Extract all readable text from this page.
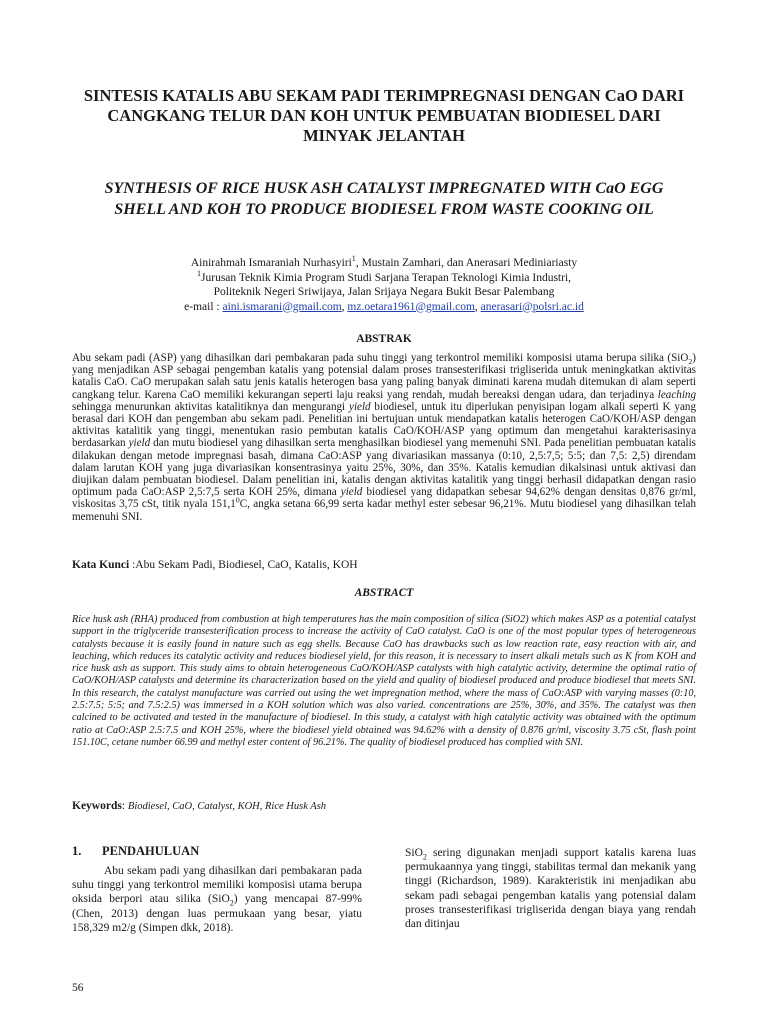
SINTESIS KATALIS ABU SEKAM PADI TERIMPREGNASI DENGAN CaO DARI CANGKANG TELUR DAN KOH UNTUK PEMBUATAN BIODIESEL DARI MINYAK JELANTAH
SYNTHESIS OF RICE HUSK ASH CATALYST IMPREGNATED WITH CaO EGG SHELL AND KOH TO PRODUCE BIODIESEL FROM WASTE COOKING OIL
Ainirahmah Ismaraniah Nurhasyiri$^1$, Mustain Zamhari, dan Anerasari Mediniariasty
$^1$Jurusan Teknik Kimia Program Studi Sarjana Terapan Teknologi Kimia Industri,
Politeknik Negeri Sriwijaya, Jalan Srijaya Negara Bukit Besar Palembang
e-mail : aini.ismarani@gmail.com, mz.oetara1961@gmail.com, anerasari@polsri.ac.id
ABSTRAK
Abu sekam padi (ASP) yang dihasilkan dari pembakaran pada suhu tinggi yang terkontrol memiliki komposisi utama berupa silika (SiO$_2$) yang menjadikan ASP sebagai pengemban katalis yang potensial dalam proses transesterifikasi trigliserida untuk meningkatkan aktivitas katalis CaO. CaO merupakan salah satu jenis katalis heterogen basa yang paling banyak diminati karena mudah ditemukan di alam seperti cangkang telur. Karena CaO memiliki kekurangan seperti laju reaksi yang rendah, mudah bereaksi dengan udara, dan terjadinya leaching sehingga menurunkan aktivitas katalitiknya dan mengurangi yield biodiesel, untuk itu diperlukan penyisipan logam alkali seperti K yang berasal dari KOH dan pengemban abu sekam padi. Penelitian ini bertujuan untuk mendapatkan katalis heterogen CaO/KOH/ASP dengan aktivitas katalitik yang tinggi, menentukan rasio pembutan katalis CaO/KOH/ASP yang optimum dan mengetahui karakterisasinya berdasarkan yield dan mutu biodiesel yang dihasilkan serta menghasilkan biodiesel yang memenuhi SNI. Pada penelitian pembuatan katalis dilakukan dengan metode impregnasi basah, dimana CaO:ASP yang divariasikan massanya (0:10, 2,5:7,5; 5:5; dan 7,5: 2,5) direndam dalam larutan KOH yang juga divariasikan konsentrasinya yaitu 25%, 30%, dan 35%. Katalis kemudian dikalsinasi untuk aktivasi dan diujikan dalam pembuatan biodiesel. Dalam penelitian ini, katalis dengan aktivitas katalitik yang tinggi berhasil didapatkan dengan rasio optimum pada CaO:ASP 2,5:7,5 serta KOH 25%, dimana yield biodiesel yang didapatkan sebesar 94,62% dengan densitas 0,876 gr/ml, viskositas 3,75 cSt, titik nyala 151,1$^0$C, angka setana 66,99 serta kadar methyl ester sebesar 96,21%. Mutu biodiesel yang dihasilkan telah memenuhi SNI.
Kata Kunci :Abu Sekam Padi, Biodiesel, CaO, Katalis, KOH
ABSTRACT
Rice husk ash (RHA) produced from combustion at high temperatures has the main composition of silica (SiO2) which makes ASP as a potential catalyst support in the triglyceride transesterification process to increase the activity of CaO catalyst. CaO is one of the most popular types of heterogeneous catalysts because it is easily found in nature such as egg shells. Because CaO has drawbacks such as low reaction rate, easy reaction with air, and leaching, which reduces its catalytic activity and reduces biodiesel yield, for this reason, it is necessary to insert alkali metals such as K from KOH and rice husk ash as support. This study aims to obtain heterogeneous CaO/KOH/ASP catalysts with high catalytic activity, determine the optimal ratio of CaO/KOH/ASP catalysts and determine its characterization based on the yield and quality of biodiesel produced and produce biodiesel that meets SNI. In this research, the catalyst manufacture was carried out using the wet impregnation method, where the mass of CaO:ASP with varying masses (0:10, 2.5:7.5; 5:5; and 7.5:2.5) was immersed in a KOH solution which was also varied. concentrations are 25%, 30%, and 35%. The catalyst was then calcined to be activated and tested in the manufacture of biodiesel. In this study, a catalyst with high catalytic activity was obtained with the optimum ratio at CaO:ASP 2.5:7.5 and KOH 25%, where the biodiesel yield obtained was 94.62% with a density of 0.876 gr/ml, viscosity 3.75 cSt, flash point 151.10C, cetane number 66.99 and methyl ester content of 96.21%. The quality of biodiesel produced has complied with SNI.
Keywords: Biodiesel, CaO, Catalyst, KOH, Rice Husk Ash
1. PENDAHULUAN
Abu sekam padi yang dihasilkan dari pembakaran pada suhu tinggi yang terkontrol memiliki komposisi utama berupa oksida berpori atau silika (SiO$_2$) yang mencapai 87-99% (Chen, 2013) dengan luas permukaan yang besar, yiatu 158,329 m2/g (Simpen dkk, 2018).
SiO$_2$ sering digunakan menjadi support katalis karena luas permukaannya yang tinggi, stabilitas termal dan mekanik yang tinggi (Richardson, 1989). Karakteristik ini menjadikan abu sekam padi sebagai pengemban katalis yang potensial dalam proses transesterifikasi trigliserida dengan biaya yang rendah dan ditinjau
56
